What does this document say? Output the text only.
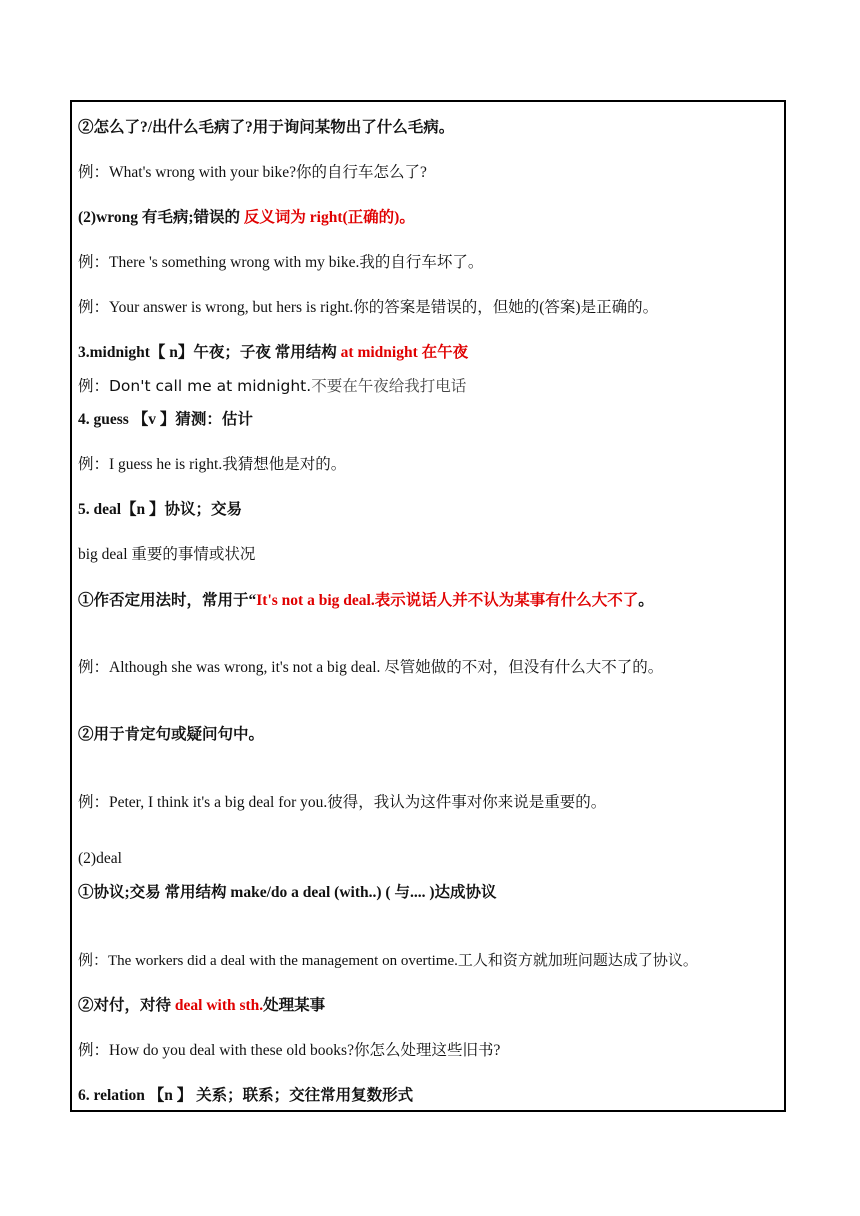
②怎么了?/出什么毛病了?用于询问某物出了什么毛病。
例：What's wrong with your bike?你的自行车怎么了?
(2)wrong 有毛病;错误的 反义词为 right(正确的)。
例：There 's something wrong with my bike.我的自行车坏了。
例：Your answer is wrong, but hers is right.你的答案是错误的，但她的(答案)是正确的。
3.midnight【 n】午夜；子夜 常用结构 at midnight 在午夜
例：Don't call me at midnight.不要在午夜给我打电话
4. guess 【v 】猜测：估计
例：I guess he is right.我猜想他是对的。
5. deal【n 】协议；交易
big deal 重要的事情或状况
①作否定用法时，常用于“It's not a big deal.表示说话人并不认为某事有什么大不了。
例：Although she was wrong, it's not a big deal. 尽管她做的不对，但没有什么大不了的。
②用于肯定句或疑问句中。
例：Peter, I think it's a big deal for you.彼得，我认为这件事对你来说是重要的。
(2)deal
①协议;交易 常用结构 make/do a deal (with..) ( 与.... )达成协议
例：The workers did a deal with the management on overtime.工人和资方就加班问题达成了协议。
②对付，对待 deal with sth.处理某事
例：How do you deal with these old books?你怎么处理这些旧书?
6. relation 【n 】 关系；联系；交往常用复数形式
